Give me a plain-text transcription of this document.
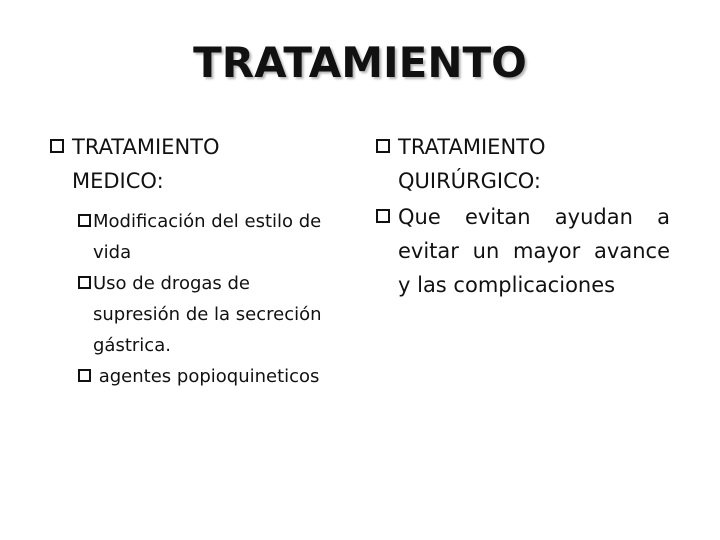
TRATAMIENTO
TRATAMIENTO
MEDICO:
Modificación del estilo de
vida
Uso de drogas de
supresión de la secreción
gástrica.
agentes popioquineticos
TRATAMIENTO
QUIRÚRGICO:
Que evitan ayudan a
evitar un mayor avance
y las complicaciones
